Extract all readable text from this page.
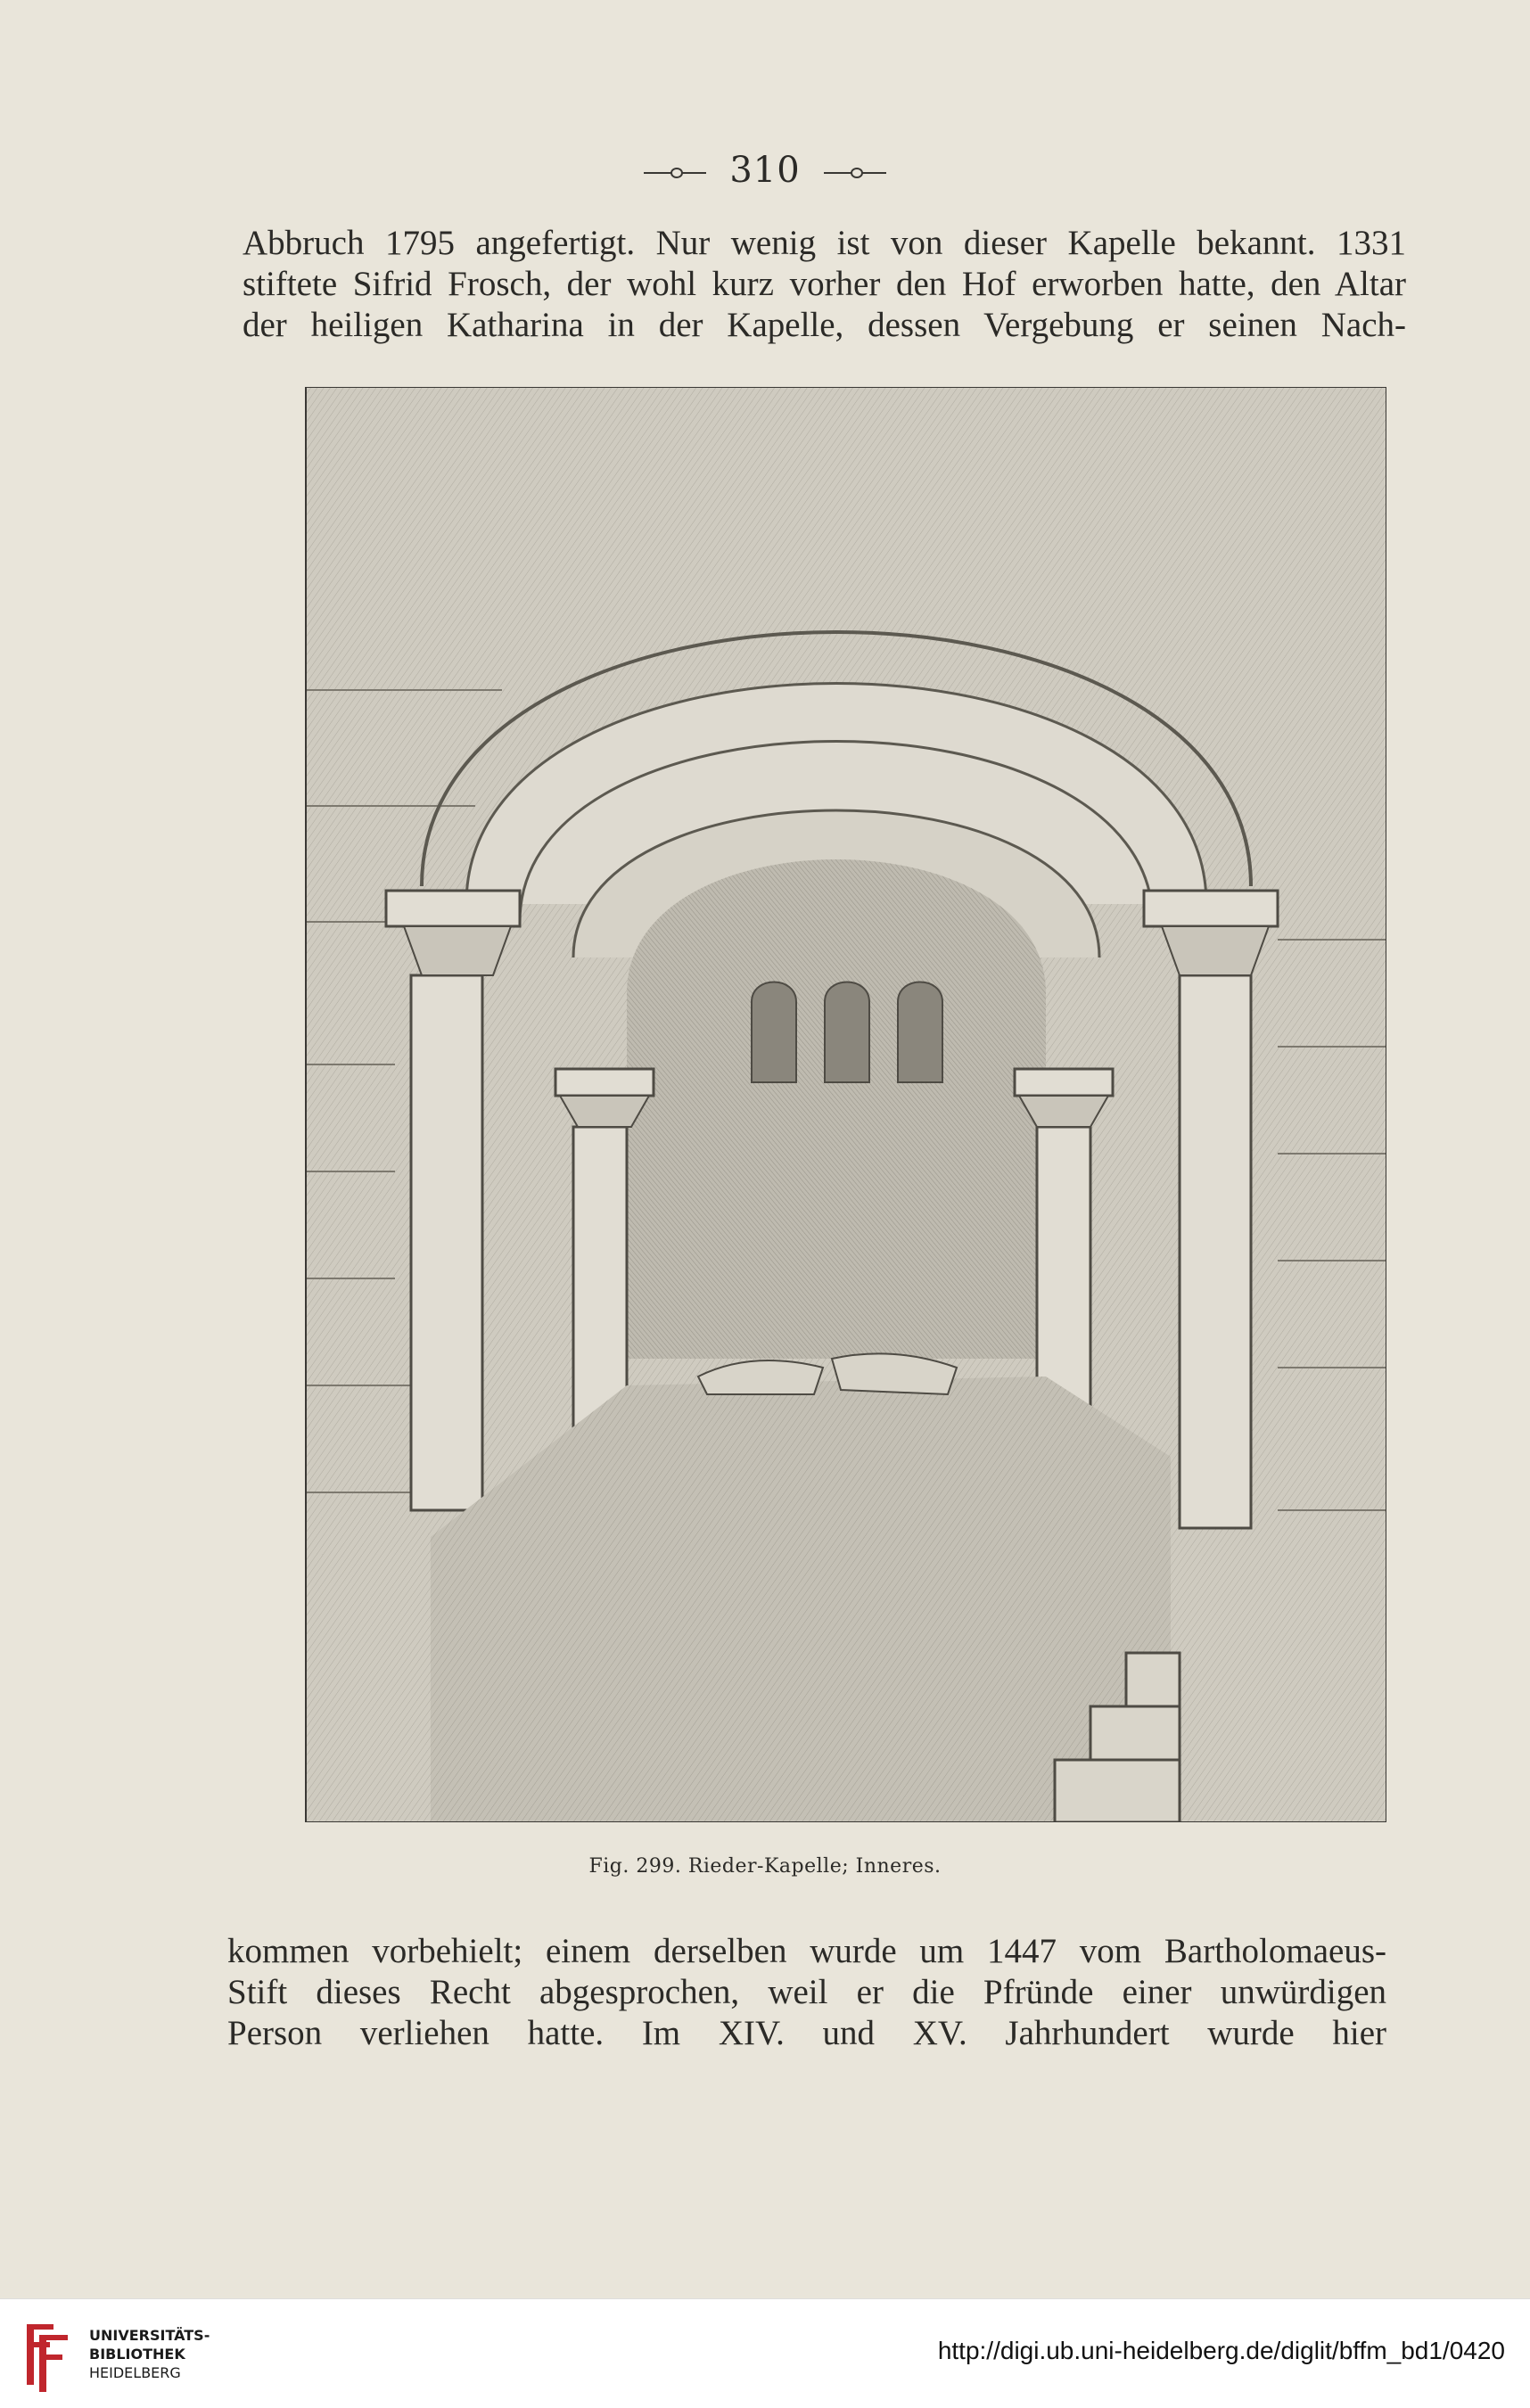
310

Abbruch 1795 angefertigt. Nur wenig ist von dieser Kapelle bekannt. 1331
stiftete Sifrid Frosch, der wohl kurz vorher den Hof erworben hatte, den Altar
der heiligen Katharina in der Kapelle, dessen Vergebung er seinen Nach-

Fig. 299. Rieder-Kapelle; Inneres.

kommen vorbehielt; einem derselben wurde um 1447 vom Bartholomaeus-
Stift dieses Recht abgesprochen, weil er die Pfründe einer unwürdigen
Person verliehen hatte. Im XIV. und XV. Jahrhundert wurde hier

UNIVERSITÄTS-
BIBLIOTHEK
HEIDELBERG
http://digi.ub.uni-heidelberg.de/diglit/bffm_bd1/0420
